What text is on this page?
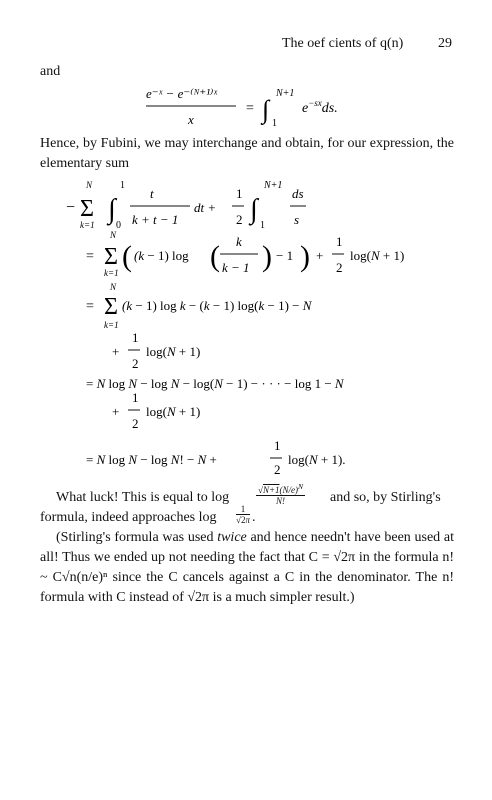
The oef cients of q(n) 29
and
e⁻ˣ − e⁻⁽ᴺ⁺¹⁾ˣ
x
= ∫
N+1
1
$e^{-sx}ds$.
Hence, by Fubini, we may interchange and obtain, for our expression, the elementary sum
− Σ
N
k=1 ∫
1
0
t
k + t − 1
dt +
1
2 ∫
N+1
1
ds
s
= Σ
N
k=1 ( (k − 1) log ( k
k − 1 ) − 1 ) +
1
2
log(N + 1)
= Σ
N
k=1
(k − 1) log k − (k − 1) log(k − 1) − N
+
1
2
log(N + 1)
= N log N − log N − log(N − 1) − · · · − log 1 − N
+
1
2
log(N + 1)
= N log N − log N! − N +
1
2
log(N + 1).
What luck! This is equal to log	$√N+1(N/e)^N$
N!	and so, by Stirling's
formula, indeed approaches log
1
√2π .
(Stirling's formula was used twice and hence needn't have been used at all! Thus we ended up not needing the fact that C = √2π in the formula n! ~ C√n(n/e)ⁿ since the C cancels against a C in the denominator. The n! formula with C instead of √2π is a much simpler result.)
